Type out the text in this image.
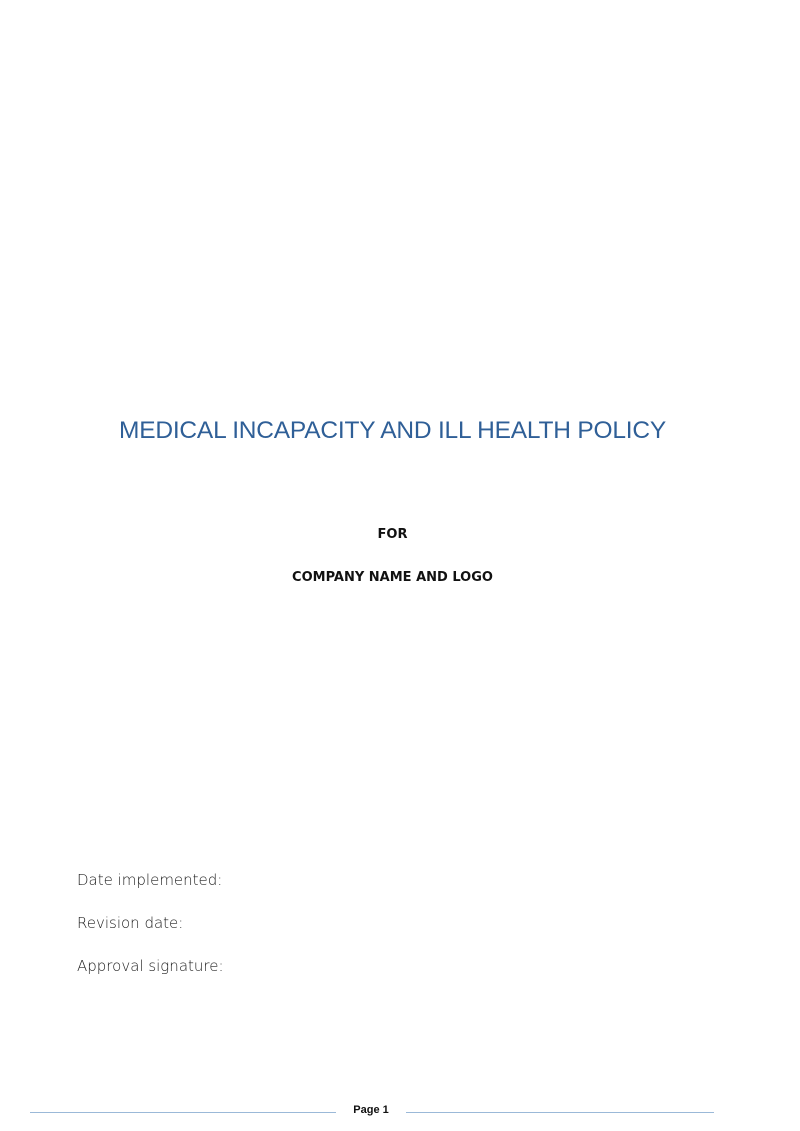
MEDICAL INCAPACITY AND ILL HEALTH POLICY
FOR
COMPANY NAME AND LOGO
Date implemented:
Revision date:
Approval signature:
Page 1
